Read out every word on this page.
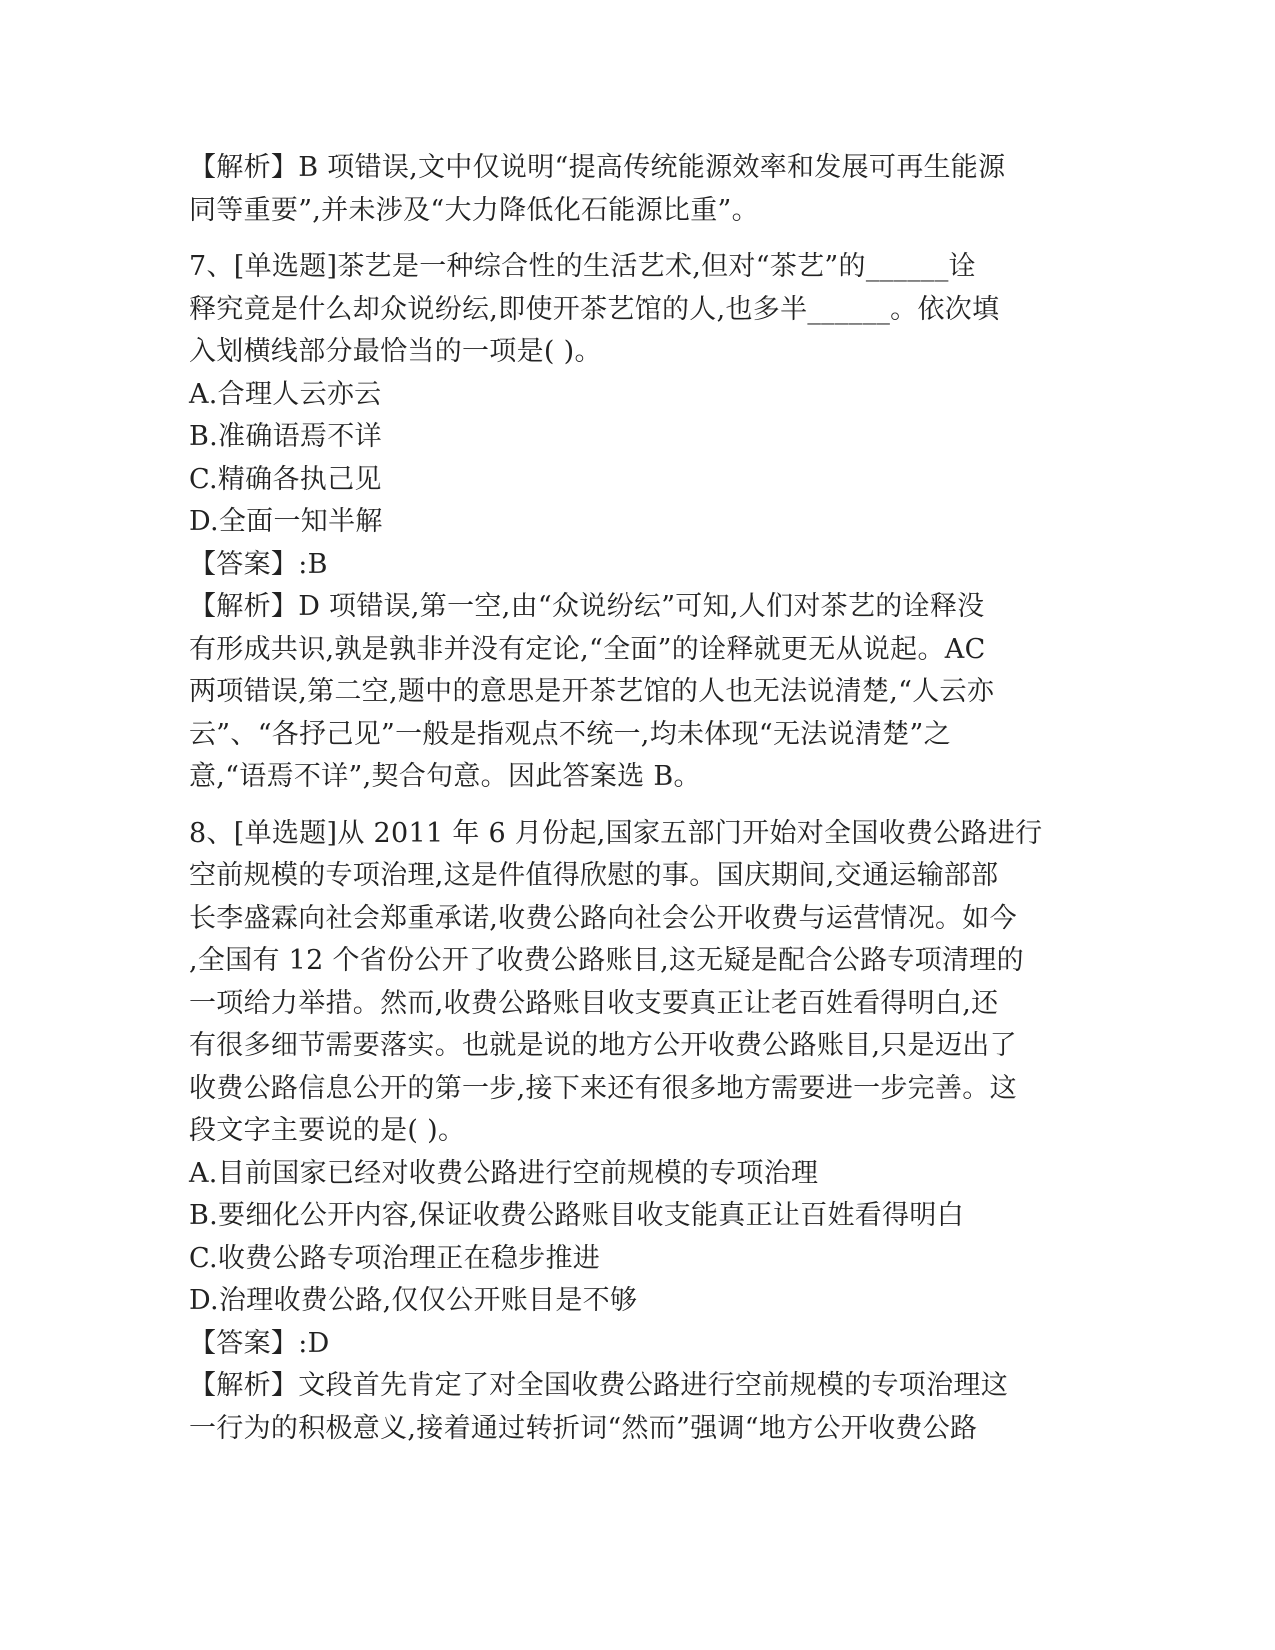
【解析】B 项错误,文中仅说明“提高传统能源效率和发展可再生能源
同等重要”,并未涉及“大力降低化石能源比重”。
7、[单选题]茶艺是一种综合性的生活艺术,但对“茶艺”的______诠
释究竟是什么却众说纷纭,即使开茶艺馆的人,也多半______。依次填
入划横线部分最恰当的一项是( )。
A.合理人云亦云
B.准确语焉不详
C.精确各执己见
D.全面一知半解
【答案】:B
【解析】D 项错误,第一空,由“众说纷纭”可知,人们对茶艺的诠释没
有形成共识,孰是孰非并没有定论,“全面”的诠释就更无从说起。AC
两项错误,第二空,题中的意思是开茶艺馆的人也无法说清楚,“人云亦
云”、“各抒己见”一般是指观点不统一,均未体现“无法说清楚”之
意,“语焉不详”,契合句意。因此答案选 B。
8、[单选题]从 2011 年 6 月份起,国家五部门开始对全国收费公路进行
空前规模的专项治理,这是件值得欣慰的事。国庆期间,交通运输部部
长李盛霖向社会郑重承诺,收费公路向社会公开收费与运营情况。如今
,全国有 12 个省份公开了收费公路账目,这无疑是配合公路专项清理的
一项给力举措。然而,收费公路账目收支要真正让老百姓看得明白,还
有很多细节需要落实。也就是说的地方公开收费公路账目,只是迈出了
收费公路信息公开的第一步,接下来还有很多地方需要进一步完善。这
段文字主要说的是( )。
A.目前国家已经对收费公路进行空前规模的专项治理
B.要细化公开内容,保证收费公路账目收支能真正让百姓看得明白
C.收费公路专项治理正在稳步推进
D.治理收费公路,仅仅公开账目是不够
【答案】:D
【解析】文段首先肯定了对全国收费公路进行空前规模的专项治理这
一行为的积极意义,接着通过转折词“然而”强调“地方公开收费公路
